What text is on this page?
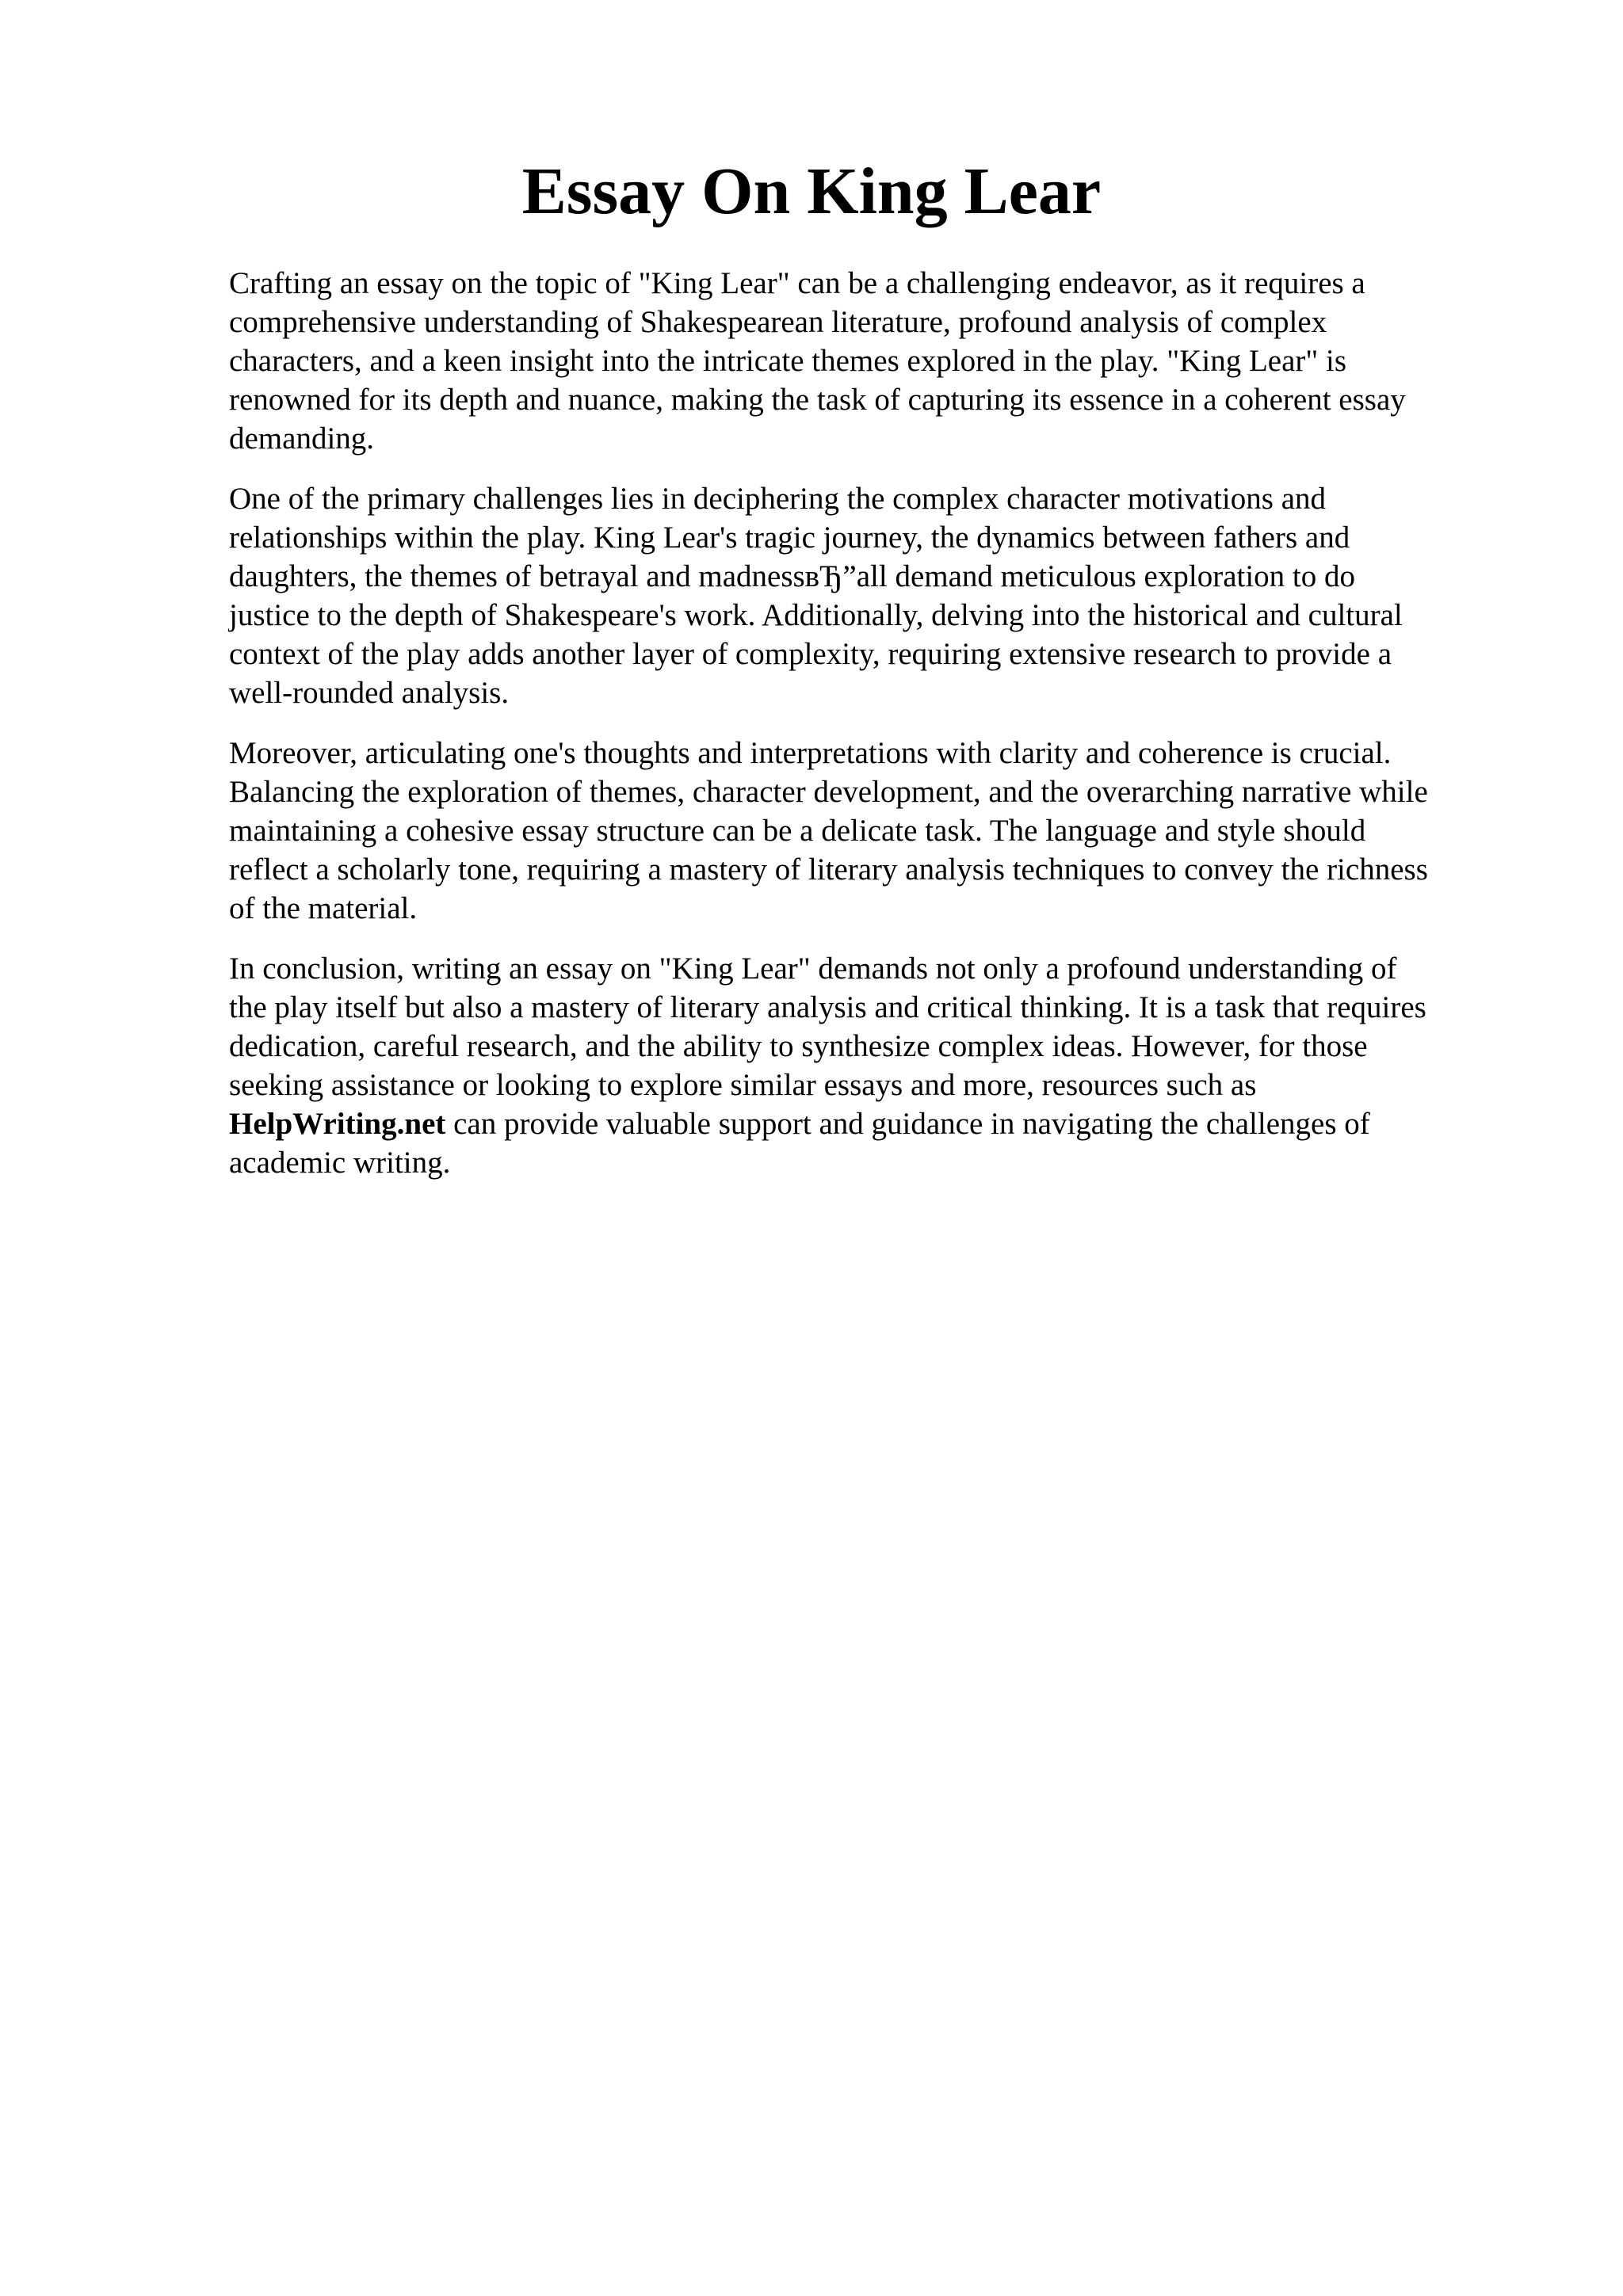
Essay On King Lear

Crafting an essay on the topic of "King Lear" can be a challenging endeavor, as it requires a
comprehensive understanding of Shakespearean literature, profound analysis of complex
characters, and a keen insight into the intricate themes explored in the play. "King Lear" is
renowned for its depth and nuance, making the task of capturing its essence in a coherent essay
demanding.

One of the primary challenges lies in deciphering the complex character motivations and
relationships within the play. King Lear's tragic journey, the dynamics between fathers and
daughters, the themes of betrayal and madnessвЂ”all demand meticulous exploration to do
justice to the depth of Shakespeare's work. Additionally, delving into the historical and cultural
context of the play adds another layer of complexity, requiring extensive research to provide a
well-rounded analysis.

Moreover, articulating one's thoughts and interpretations with clarity and coherence is crucial.
Balancing the exploration of themes, character development, and the overarching narrative while
maintaining a cohesive essay structure can be a delicate task. The language and style should
reflect a scholarly tone, requiring a mastery of literary analysis techniques to convey the richness
of the material.

In conclusion, writing an essay on "King Lear" demands not only a profound understanding of
the play itself but also a mastery of literary analysis and critical thinking. It is a task that requires
dedication, careful research, and the ability to synthesize complex ideas. However, for those
seeking assistance or looking to explore similar essays and more, resources such as
HelpWriting.net can provide valuable support and guidance in navigating the challenges of
academic writing.
